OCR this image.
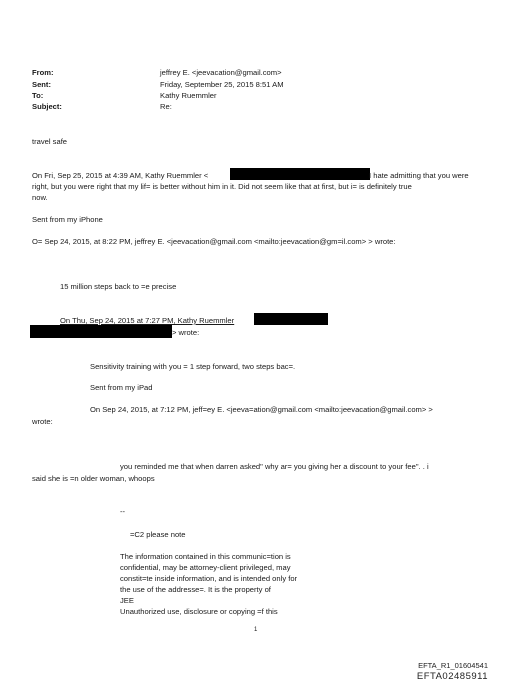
From:	jeffrey E. <jeevacation@gmail.com>
Sent:	Friday, September 25, 2015 8:51 AM
To:	Kathy Ruemmler
Subject:	Re:
travel safe
On Fri, Sep 25, 2015 at 4:39 AM, Kathy Ruemmler <	I hate admitting that you were
right, but you were right that my lif= is better without him in it. Did not seem like that at first, but i= is definitely true
now.
Sent from my iPhone
O= Sep 24, 2015, at 8:22 PM, jeffrey E. <jeevacation@gmail.com <mailto:jeevacation@gm=il.com> > wrote:
15 million steps back to =e precise
On Thu, Sep 24, 2015 at 7:27 PM, Kathy Ruemmler
> wrote:
Sensitivity training with you = 1 step forward, two steps bac=.
Sent from my iPad
On Sep 24, 2015, at 7:12 PM, jeff=ey E. <jeeva=ation@gmail.com <mailto:jeevacation@gmail.com> >
wrote:
you reminded me that when darren asked" why ar= you giving her a discount to your fee". . i
said she is =n older woman, whoops
--
=C2 please note
The information contained in this communic=tion is
confidential, may be attorney-client privileged, may
constit=te inside information, and is intended only for
the use of the addresse=. It is the property of
JEE
Unauthorized use, disclosure or copying =f this
1
EFTA_R1_01604541
EFTA02485911
